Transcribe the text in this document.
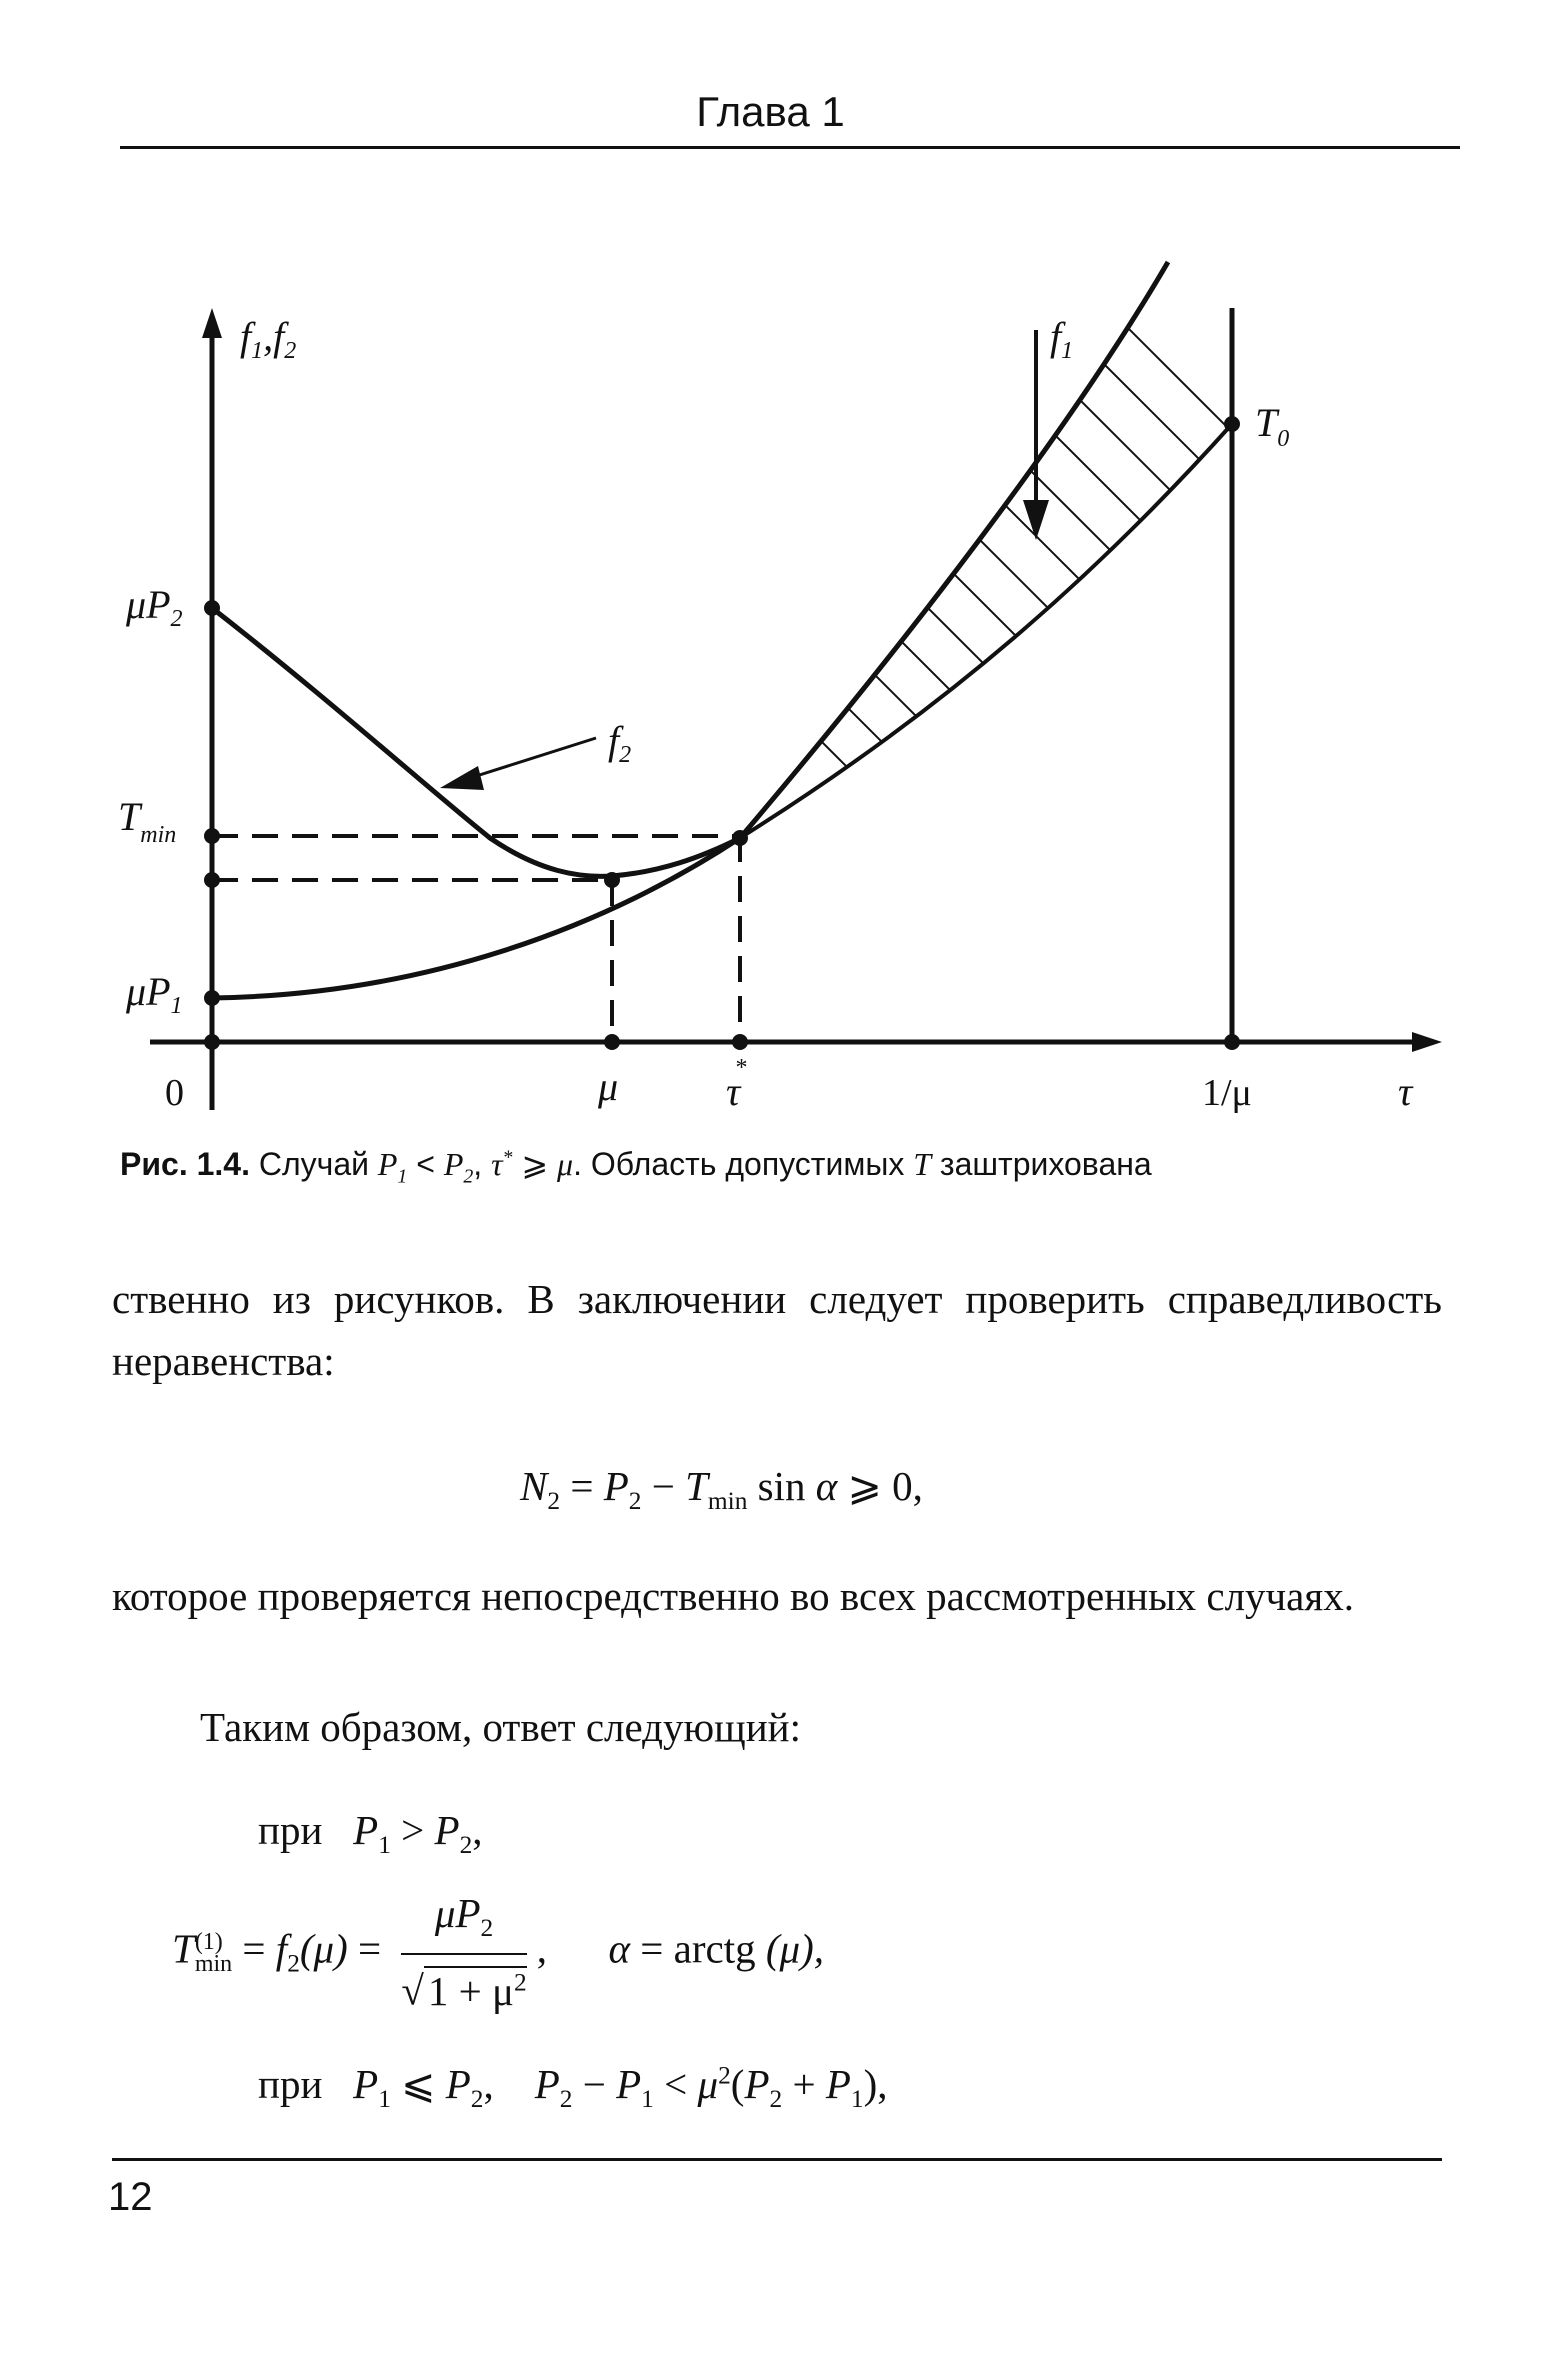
Глава 1
$f_1,f_2$
$\mu P_2$
$T_{min}$
$\mu P_1$
0	μ	τ*
1/μ	τ
$f_1$
$f_2$
$T_0$
Рис. 1.4. Случай $P_1 < P_2$, τ* ⩾ μ. Область допустимых T заштрихована
ственно из рисунков. В заключении следует проверить справедливость неравенства:
$N_2 = P_2 - T_{min}$ sin α ⩾ 0,
которое проверяется непосредственно во всех рассмотренных случаях.
Таким образом, ответ следующий:
при $P_1 > P_2$,
T (1)
$\min = f_2(\mu) = \frac{\mu P_2}{√1 + \mu^2}$ , α = arctg (μ),
при $P_1$ ⩽ $P_2$, $P_2 - P_1 < \mu^2(P_2 + P_1)$,
12
